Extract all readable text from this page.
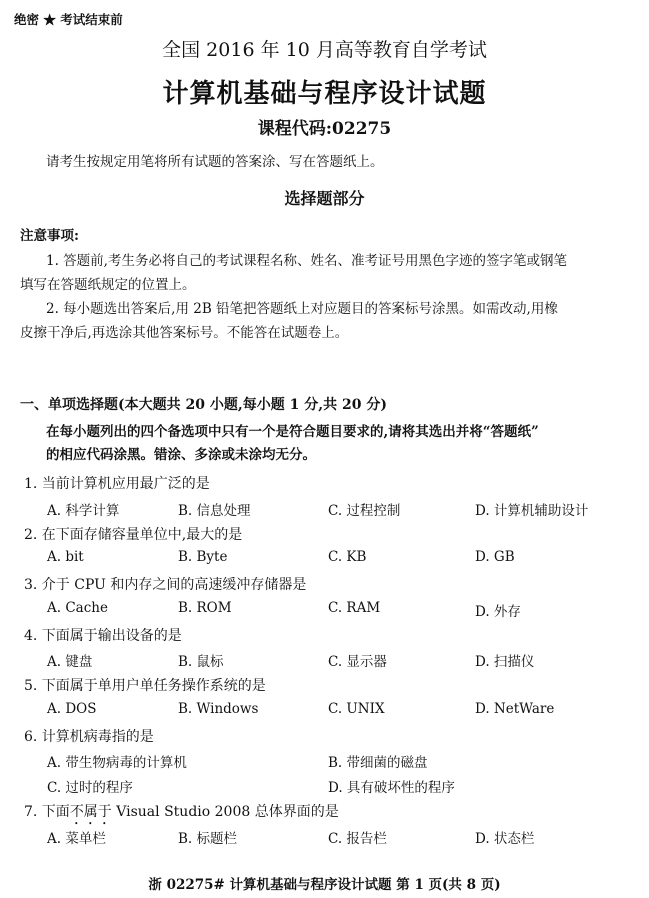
绝密 ★ 考试结束前
全国 2016 年 10 月高等教育自学考试
计算机基础与程序设计试题
课程代码:02275
请考生按规定用笔将所有试题的答案涂、写在答题纸上。
选择题部分
注意事项:
1. 答题前,考生务必将自己的考试课程名称、姓名、准考证号用黑色字迹的签字笔或钢笔
填写在答题纸规定的位置上。
2. 每小题选出答案后,用 2B 铅笔把答题纸上对应题目的答案标号涂黑。如需改动,用橡
皮擦干净后,再选涂其他答案标号。不能答在试题卷上。
一、单项选择题(本大题共 20 小题,每小题 1 分,共 20 分)
在每小题列出的四个备选项中只有一个是符合题目要求的,请将其选出并将“答题纸”
的相应代码涂黑。错涂、多涂或未涂均无分。
1. 当前计算机应用最广泛的是
A. 科学计算	B. 信息处理	C. 过程控制	D. 计算机辅助设计
2. 在下面存储容量单位中,最大的是
A. bit	B. Byte	C. KB	D. GB
3. 介于 CPU 和内存之间的高速缓冲存储器是
A. Cache	B. ROM	C. RAM	D. 外存
4. 下面属于输出设备的是
A. 键盘	B. 鼠标	C. 显示器	D. 扫描仪
5. 下面属于单用户单任务操作系统的是
A. DOS	B. Windows	C. UNIX	D. NetWare
6. 计算机病毒指的是
A. 带生物病毒的计算机	B. 带细菌的磁盘
C. 过时的程序	D. 具有破坏性的程序
7. 下面不属于 Visual Studio 2008 总体界面的是
A. 菜单栏	B. 标题栏	C. 报告栏	D. 状态栏
浙 02275# 计算机基础与程序设计试题 第 1 页(共 8 页)
